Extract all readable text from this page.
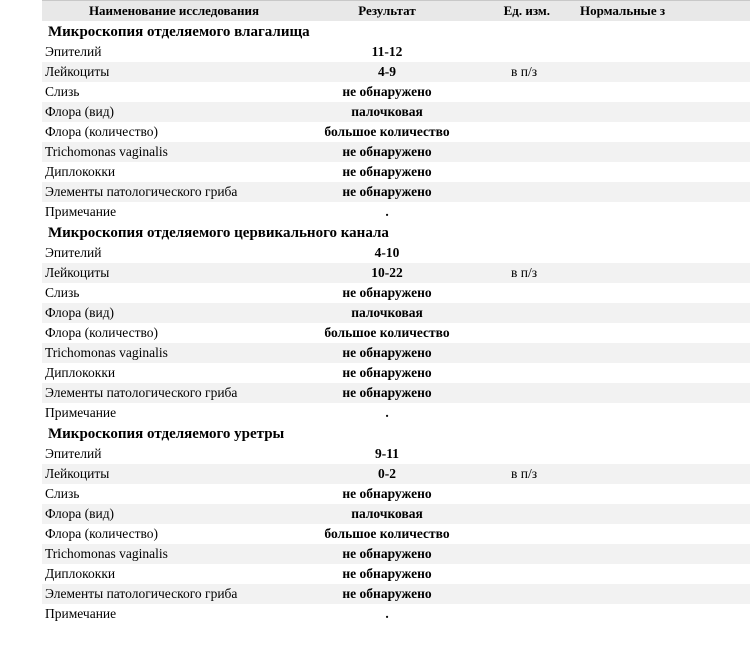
Наименование исследования	Результат	Ед. изм.	Нормальные з
Микроскопия отделяемого влагалища
Эпителий	11-12
Лейкоциты	4-9	в п/з
Слизь	не обнаружено
Флора (вид)	палочковая
Флора (количество)	большое количество
Trichomonas vaginalis	не обнаружено
Диплококки	не обнаружено
Элементы патологического гриба	не обнаружено
Примечание	.
Микроскопия отделяемого цервикального канала
Эпителий	4-10
Лейкоциты	10-22	в п/з
Слизь	не обнаружено
Флора (вид)	палочковая
Флора (количество)	большое количество
Trichomonas vaginalis	не обнаружено
Диплококки	не обнаружено
Элементы патологического гриба	не обнаружено
Примечание	.
Микроскопия отделяемого уретры
Эпителий	9-11
Лейкоциты	0-2	в п/з
Слизь	не обнаружено
Флора (вид)	палочковая
Флора (количество)	большое количество
Trichomonas vaginalis	не обнаружено
Диплококки	не обнаружено
Элементы патологического гриба	не обнаружено
Примечание	.
